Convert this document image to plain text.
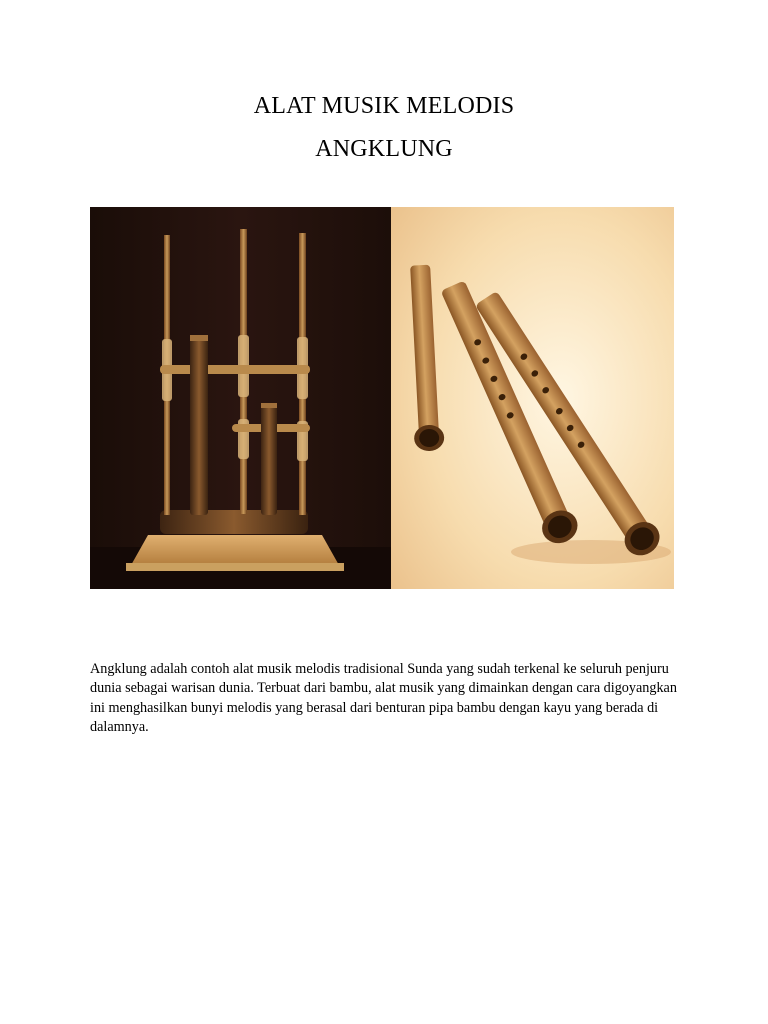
ALAT MUSIK MELODIS
ANGKLUNG
Angklung adalah contoh alat musik melodis tradisional Sunda yang sudah terkenal ke seluruh penjuru dunia sebagai warisan dunia. Terbuat dari bambu, alat musik yang dimainkan dengan cara digoyangkan ini menghasilkan bunyi melodis yang berasal dari benturan pipa bambu dengan kayu yang berada di dalamnya.
